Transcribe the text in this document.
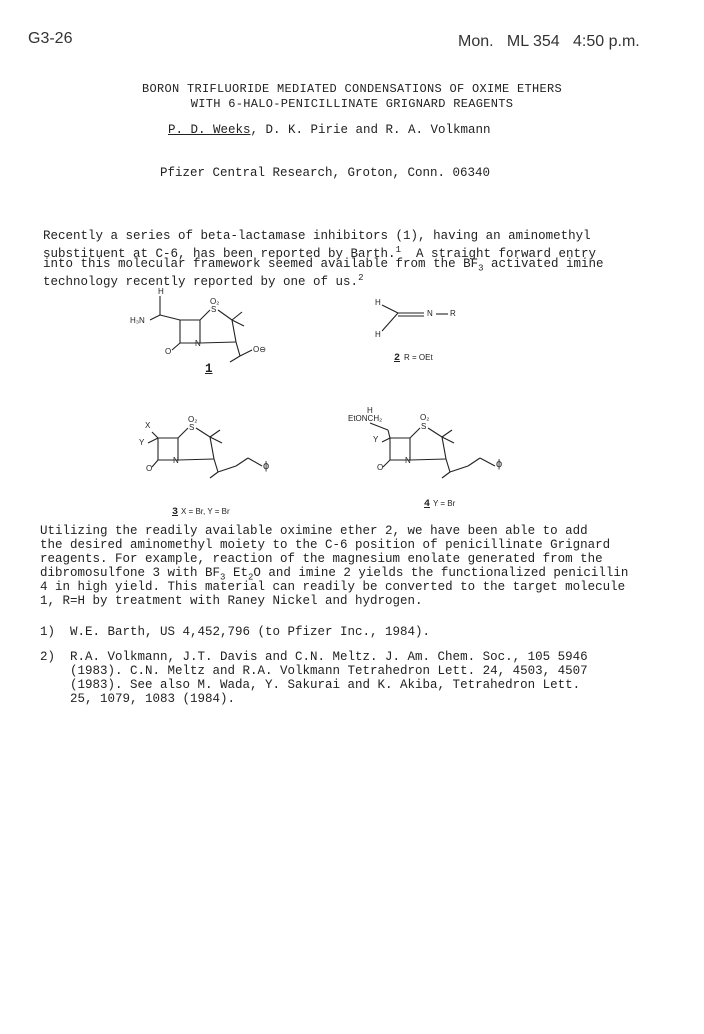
G3-26	Mon.   ML 354   4:50 p.m.
BORON TRIFLUORIDE MEDIATED CONDENSATIONS OF OXIME ETHERS
WITH 6-HALO-PENICILLINATE GRIGNARD REAGENTS
P. D. Weeks, D. K. Pirie and R. A. Volkmann
Pfizer Central Research, Groton, Conn. 06340
Recently a series of beta-lactamase inhibitors (1), having an aminomethyl
substituent at C-6, has been reported by Barth.$^1$  A straight forward entry
into this molecular framework seemed available from the $BF_3$ activated imine
technology recently reported by one of us.$^2$
H
H₃N
O₂
S
N
O	O⊖
1
H
H
N R
2 R = OEt
X
Y
O₂
S
N
O	ϕ
3 X = Br, Y = Br
H
EtONCH₂
Y
O₂
S
N
O	ϕ
4 Y = Br
Utilizing the readily available oximine ether 2, we have been able to add
the desired aminomethyl moiety to the C-6 position of penicillinate Grignard
reagents. For example, reaction of the magnesium enolate generated from the
dibromosulfone 3 with $BF_3$ $Et_2O$ and imine 2 yields the functionalized penicillin
4 in high yield. This material can readily be converted to the target molecule
1, R=H by treatment with Raney Nickel and hydrogen.
1) W.E. Barth, US 4,452,796 (to Pfizer Inc., 1984).
2) R.A. Volkmann, J.T. Davis and C.N. Meltz. J. Am. Chem. Soc., 105 5946
(1983). C.N. Meltz and R.A. Volkmann Tetrahedron Lett. 24, 4503, 4507
(1983). See also M. Wada, Y. Sakurai and K. Akiba, Tetrahedron Lett.
25, 1079, 1083 (1984).
